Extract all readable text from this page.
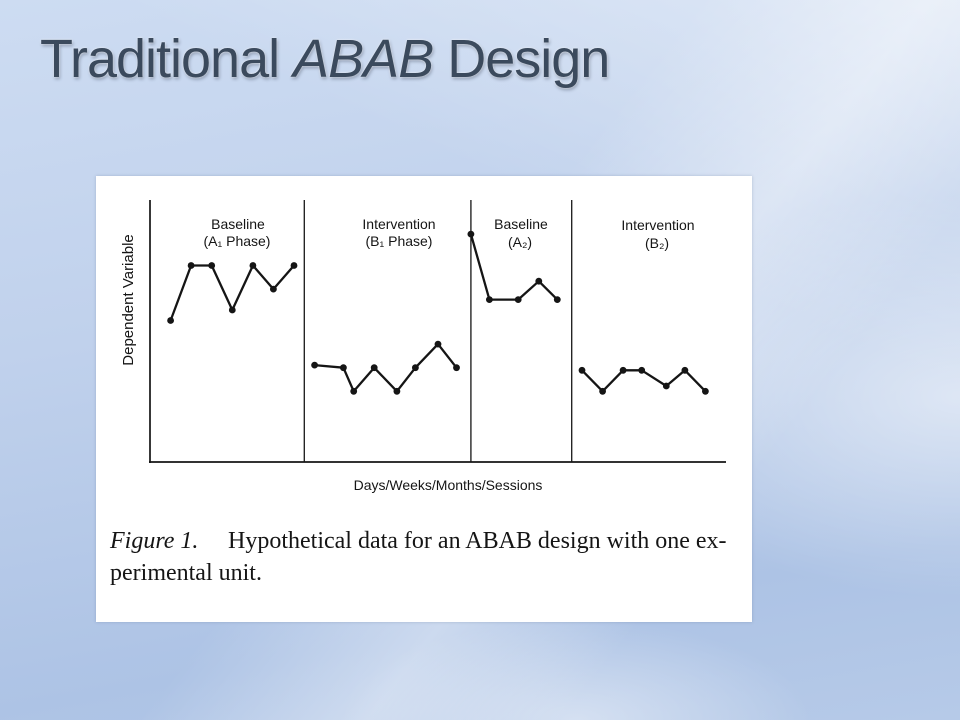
Traditional ABAB Design
Baseline
(A₁ Phase)
Intervention
(B₁ Phase)
Baseline
(A₂)
Intervention
(B₂)
Dependent Variable
Days/Weeks/Months/Sessions
Figure 1. Hypothetical data for an ABAB design with one ex-
perimental unit.
